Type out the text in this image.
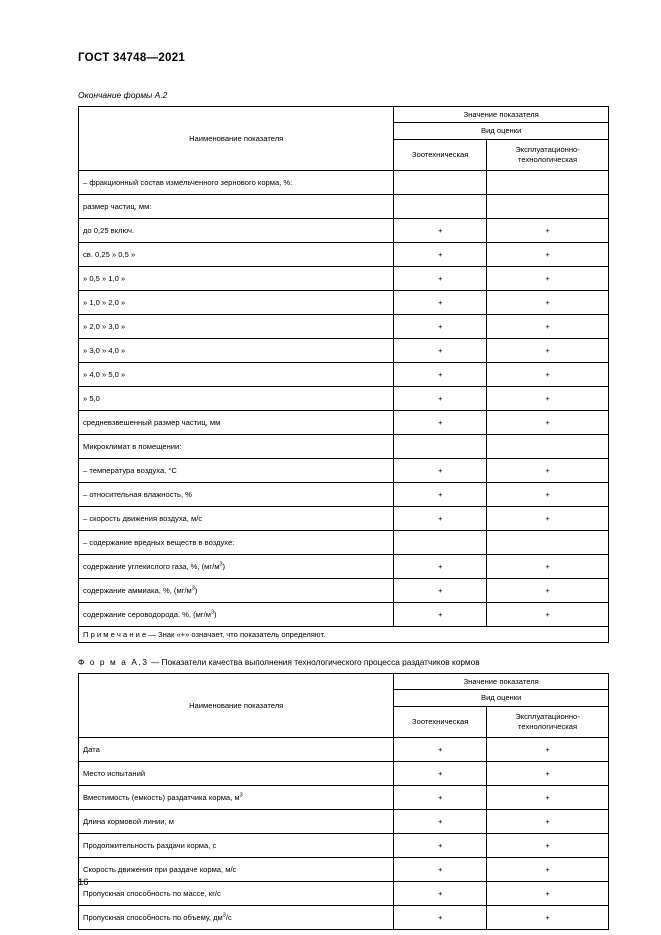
ГОСТ 34748—2021
Окончание формы А.2
Наименование показателя	Значение показателя	
	Вид оценки	
	Зоотехническая	Эксплуатационно-технологическая
– фракционный состав измельченного зернового корма, %:		
размер частиц, мм:		
до 0,25 включ.	+	+
св. 0,25 » 0,5 »	+	+
» 0,5 » 1,0 »	+	+
» 1,0 » 2,0 »	+	+
» 2,0 » 3,0 »	+	+
» 3,0 » 4,0 »	+	+
» 4,0 » 5,0 »	+	+
» 5,0	+	+
средневзвешенный размер частиц, мм	+	+
Микроклимат в помещении:		
– температура воздуха, °С	+	+
– относительная влажность, %	+	+
– скорость движения воздуха, м/с	+	+
– содержание вредных веществ в воздухе:		
содержание углекислого газа, %, $(мг/м^3)$	+	+
содержание аммиака, %, $(мг/м^3)$	+	+
содержание сероводорода. %, $(мг/м^3)$	+	+
П р и м е ч а н и е — Знак «+» означает, что показатель определяют.		
Ф о р м а А.3 — Показатели качества выполнения технологического процесса раздатчиков кормов
Наименование показателя	Значение показателя	
	Вид оценки	
	Зоотехническая	Эксплуатационно-технологическая
Дата	+	+
Место испытаний	+	+
Вместимость (емкость) раздатчика корма, $м^3$	+	+
Длина кормовой линии, м	+	+
Продолжительность раздачи корма, с	+	+
Скорость движения при раздаче корма, м/с	+	+
Пропускная способность по массе, кг/с	+	+
Пропускная способность по объему, $дм^3/с$	+	+
16
